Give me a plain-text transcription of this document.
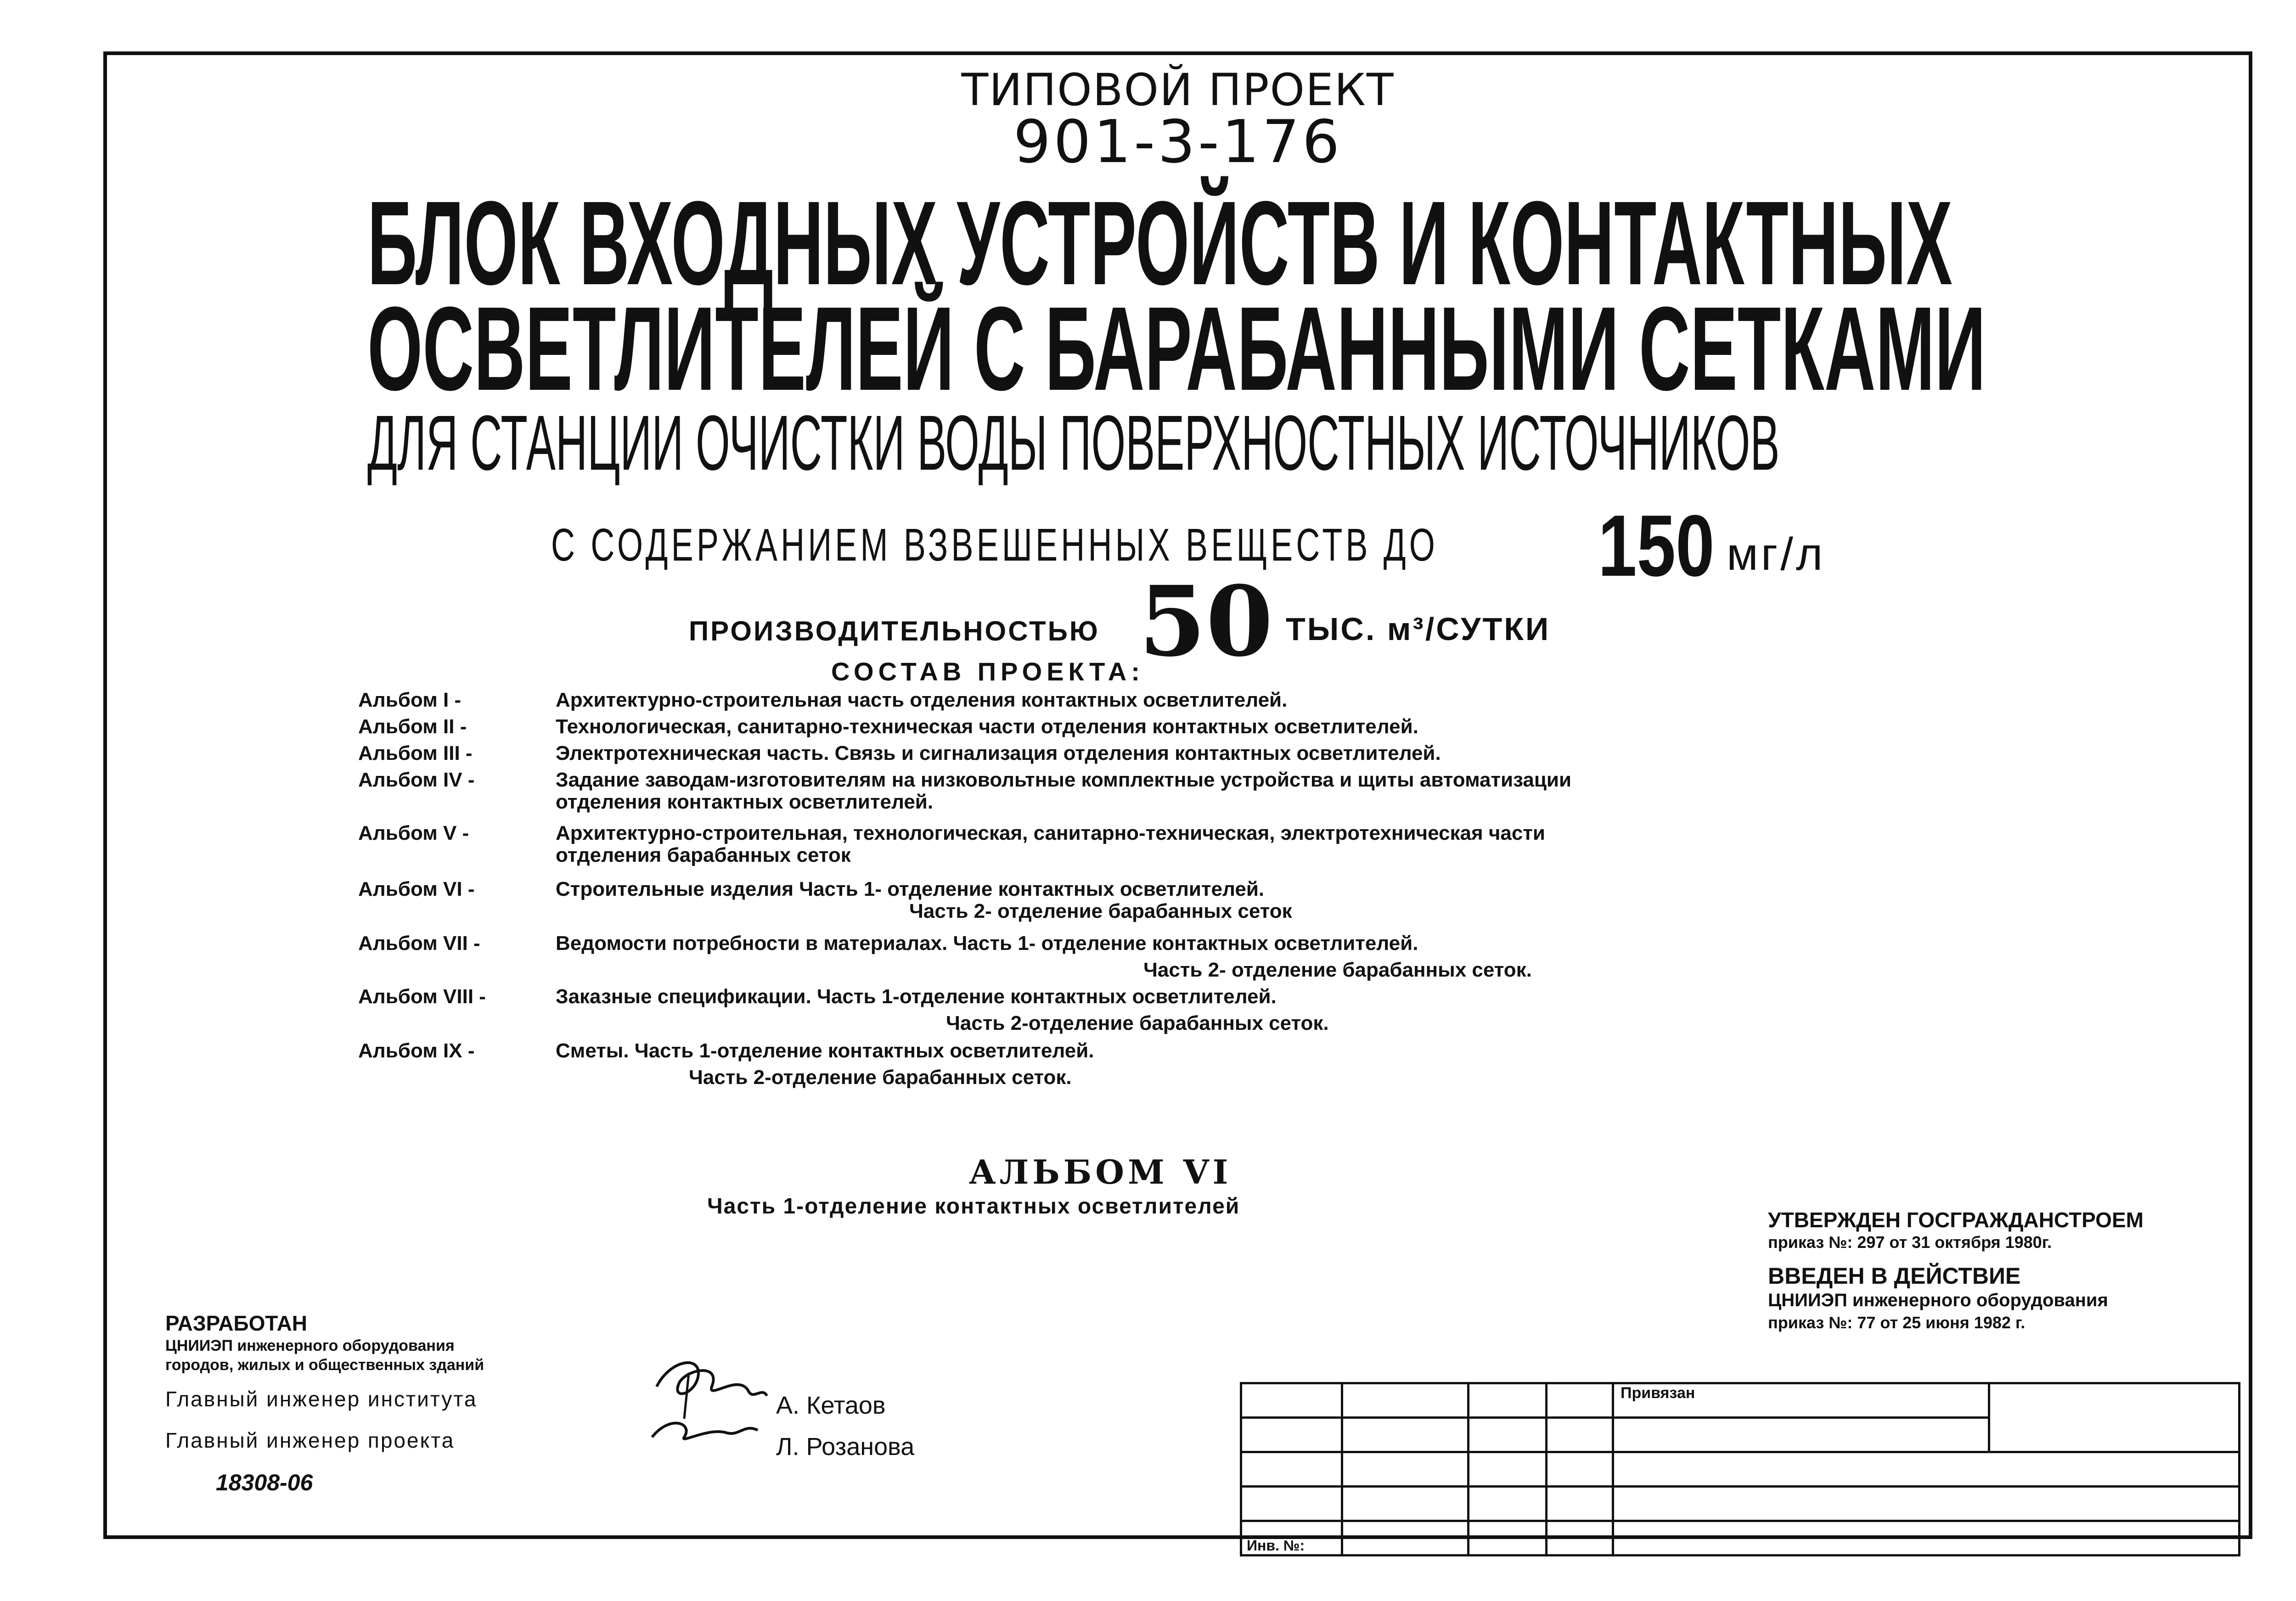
ТИПОВОЙ ПРОЕКТ
901-3-176
БЛОК ВХОДНЫХ УСТРОЙСТВ И КОНТАКТНЫХ
ОСВЕТЛИТЕЛЕЙ С БАРАБАННЫМИ СЕТКАМИ
ДЛЯ СТАНЦИИ ОЧИСТКИ ВОДЫ ПОВЕРХНОСТНЫХ ИСТОЧНИКОВ
С СОДЕРЖАНИЕМ ВЗВЕШЕННЫХ ВЕЩЕСТВ ДО	150 мг/л
ПРОИЗВОДИТЕЛЬНОСТЬЮ 50 ТЫС. м³/СУТКИ
СОСТАВ ПРОЕКТА:
Альбом I -	Архитектурно-строительная часть отделения контактных осветлителей.
Альбом II -	Технологическая, санитарно-техническая части отделения контактных осветлителей.
Альбом III -	Электротехническая часть. Связь и сигнализация отделения контактных осветлителей.
Альбом IV -	Задание заводам-изготовителям на низковольтные комплектные устройства и щиты автоматизации
отделения контактных осветлителей.
Альбом V -	Архитектурно-строительная, технологическая, санитарно-техническая, электротехническая части
отделения барабанных сеток
Альбом VI -	Строительные изделия Часть 1- отделение контактных осветлителей.
Часть 2- отделение барабанных сеток
Альбом VII -	Ведомости потребности в материалах. Часть 1- отделение контактных осветлителей.
Часть 2- отделение барабанных сеток.
Альбом VIII -	Заказные спецификации. Часть 1-отделение контактных осветлителей.
Часть 2-отделение барабанных сеток.
Альбом IX -	Сметы. Часть 1-отделение контактных осветлителей.
Часть 2-отделение барабанных сеток.
АЛЬБОМ VI
Часть 1-отделение контактных осветлителей
УТВЕРЖДЕН ГОСГРАЖДАНСТРОЕМ
приказ №: 297 от 31 октября 1980г.
ВВЕДЕН В ДЕЙСТВИЕ
ЦНИИЭП инженерного оборудования
приказ №: 77 от 25 июня 1982 г.
РАЗРАБОТАН
ЦНИИЭП инженерного оборудования
городов, жилых и общественных зданий
Главный инженер института
Главный инженер проекта
А. Кетаов
Л. Розанова
18308-06
				Привязан	

Инв. №:					
